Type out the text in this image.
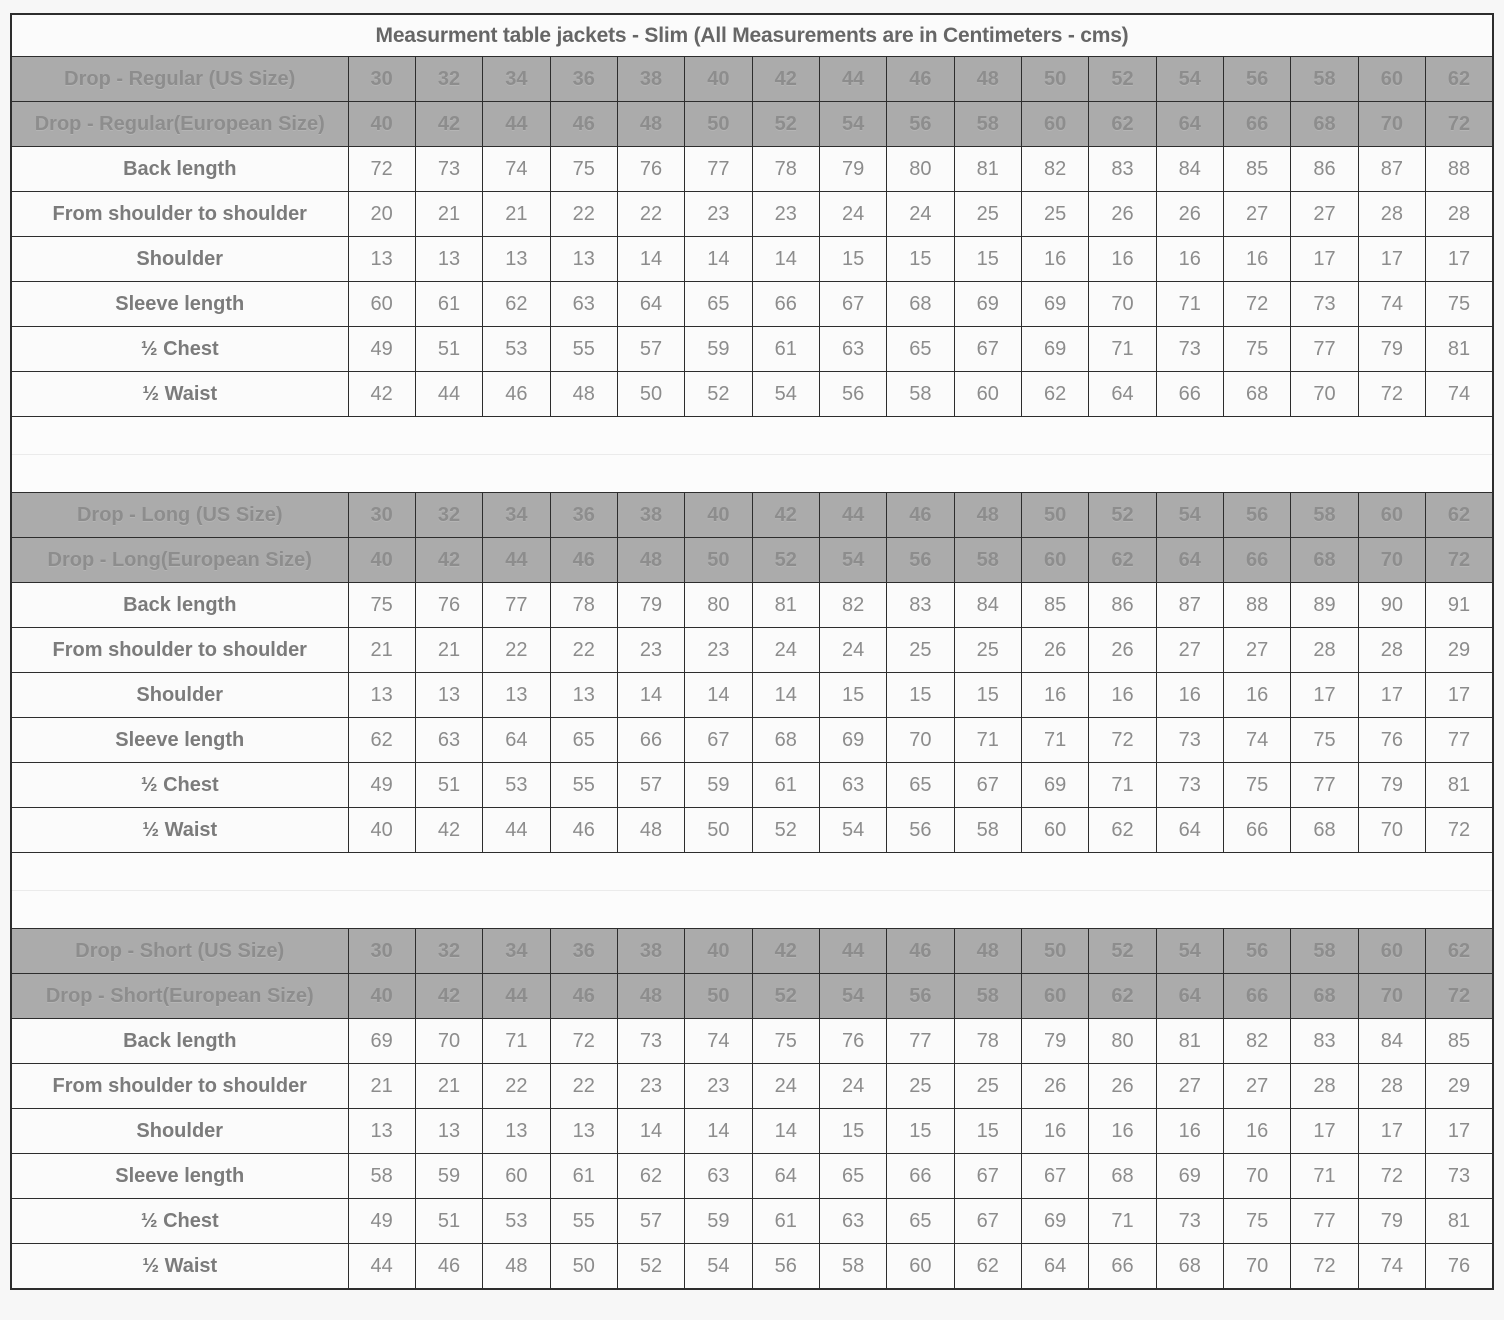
Measurment table jackets - Slim (All Measurements are in Centimeters - cms)																	
Drop - Regular (US Size)	30	32	34	36	38	40	42	44	46	48	50	52	54	56	58	60	62
Drop - Regular(European Size)	40	42	44	46	48	50	52	54	56	58	60	62	64	66	68	70	72
Back length	72	73	74	75	76	77	78	79	80	81	82	83	84	85	86	87	88
From shoulder to shoulder	20	21	21	22	22	23	23	24	24	25	25	26	26	27	27	28	28
Shoulder	13	13	13	13	14	14	14	15	15	15	16	16	16	16	17	17	17
Sleeve length	60	61	62	63	64	65	66	67	68	69	69	70	71	72	73	74	75
½ Chest	49	51	53	55	57	59	61	63	65	67	69	71	73	75	77	79	81
½ Waist	42	44	46	48	50	52	54	56	58	60	62	64	66	68	70	72	74

Drop - Long (US Size)	30	32	34	36	38	40	42	44	46	48	50	52	54	56	58	60	62
Drop - Long(European Size)	40	42	44	46	48	50	52	54	56	58	60	62	64	66	68	70	72
Back length	75	76	77	78	79	80	81	82	83	84	85	86	87	88	89	90	91
From shoulder to shoulder	21	21	22	22	23	23	24	24	25	25	26	26	27	27	28	28	29
Shoulder	13	13	13	13	14	14	14	15	15	15	16	16	16	16	17	17	17
Sleeve length	62	63	64	65	66	67	68	69	70	71	71	72	73	74	75	76	77
½ Chest	49	51	53	55	57	59	61	63	65	67	69	71	73	75	77	79	81
½ Waist	40	42	44	46	48	50	52	54	56	58	60	62	64	66	68	70	72

Drop - Short (US Size)	30	32	34	36	38	40	42	44	46	48	50	52	54	56	58	60	62
Drop - Short(European Size)	40	42	44	46	48	50	52	54	56	58	60	62	64	66	68	70	72
Back length	69	70	71	72	73	74	75	76	77	78	79	80	81	82	83	84	85
From shoulder to shoulder	21	21	22	22	23	23	24	24	25	25	26	26	27	27	28	28	29
Shoulder	13	13	13	13	14	14	14	15	15	15	16	16	16	16	17	17	17
Sleeve length	58	59	60	61	62	63	64	65	66	67	67	68	69	70	71	72	73
½ Chest	49	51	53	55	57	59	61	63	65	67	69	71	73	75	77	79	81
½ Waist	44	46	48	50	52	54	56	58	60	62	64	66	68	70	72	74	76
